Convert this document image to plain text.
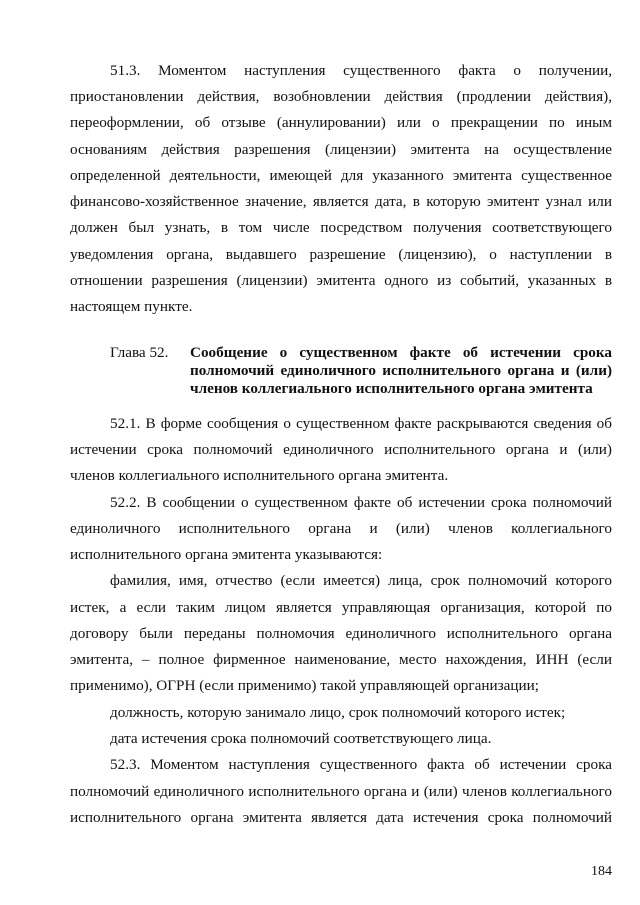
51.3. Моментом наступления существенного факта о получении,
приостановлении действия, возобновлении действия (продлении действия),
переоформлении, об отзыве (аннулировании) или о прекращении по иным
основаниям действия разрешения (лицензии) эмитента на осуществление
определенной деятельности, имеющей для указанного эмитента существенное
финансово-хозяйственное значение, является дата, в которую эмитент узнал или
должен был узнать, в том числе посредством получения соответствующего
уведомления органа, выдавшего разрешение (лицензию), о наступлении в
отношении разрешения (лицензии) эмитента одного из событий, указанных в
настоящем пункте.
Глава 52. Сообщение о существенном факте об истечении срока
полномочий единоличного исполнительного органа и (или)
членов коллегиального исполнительного органа эмитента
52.1. В форме сообщения о существенном факте раскрываются сведения об
истечении срока полномочий единоличного исполнительного органа и (или)
членов коллегиального исполнительного органа эмитента.
52.2. В сообщении о существенном факте об истечении срока полномочий
единоличного исполнительного органа и (или) членов коллегиального
исполнительного органа эмитента указываются:
фамилия, имя, отчество (если имеется) лица, срок полномочий которого
истек, а если таким лицом является управляющая организация, которой по
договору были переданы полномочия единоличного исполнительного органа
эмитента, – полное фирменное наименование, место нахождения, ИНН (если
применимо), ОГРН (если применимо) такой управляющей организации;
должность, которую занимало лицо, срок полномочий которого истек;
дата истечения срока полномочий соответствующего лица.
52.3. Моментом наступления существенного факта об истечении срока
полномочий единоличного исполнительного органа и (или) членов коллегиального
исполнительного органа эмитента является дата истечения срока полномочий
184
